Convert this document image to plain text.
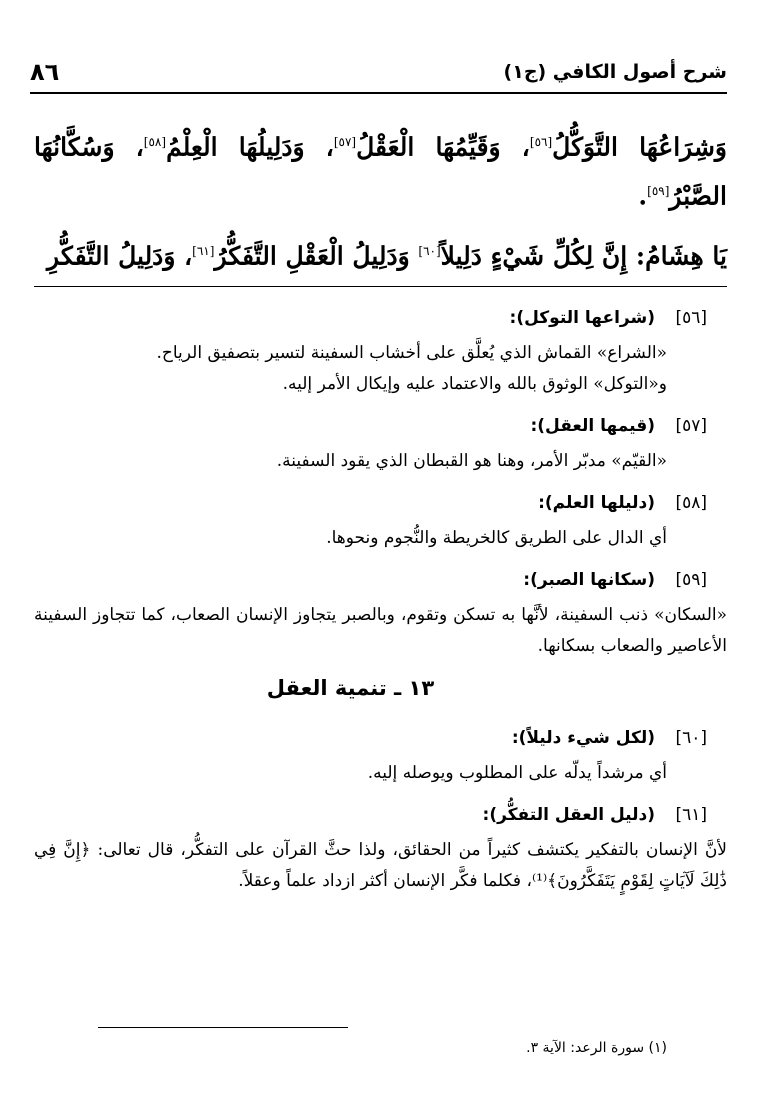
شرح أصول الكافي (ج١)
٨٦

وَشِرَاعُهَا التَّوَكُّلُ[٥٦]، وَقَيِّمُهَا الْعَقْلُ[٥٧]، وَدَلِيلُهَا الْعِلْمُ[٥٨]، وَسُكَّانُهَا الصَّبْرُ[٥٩].

يَا هِشَامُ: إِنَّ لِكُلِّ شَيْءٍ دَلِيلاً[٦٠] وَدَلِيلُ الْعَقْلِ التَّفَكُّرُ[٦١]، وَدَلِيلُ التَّفَكُّرِ

[٥٦]
(شراعها التوكل):

«الشراع» القماش الذي يُعلَّق على أخشاب السفينة لتسير بتصفيق الرياح.

و«التوكل» الوثوق بالله والاعتماد عليه وإيكال الأمر إليه.

[٥٧]
(قيمها العقل):

«القيّم» مدبّر الأمر، وهنا هو القبطان الذي يقود السفينة.

[٥٨]
(دليلها العلم):

أي الدال على الطريق كالخريطة والنُّجوم ونحوها.

[٥٩]
(سكانها الصبر):

«السكان» ذنب السفينة، لأنَّها به تسكن وتقوم، وبالصبر يتجاوز الإنسان الصعاب، كما تتجاوز السفينة الأعاصير والصعاب بسكانها.

١٣ ـ تنمية العقل
[٦٠]
(لكل شيء دليلاً):

أي مرشداً يدلّه على المطلوب ويوصله إليه.

[٦١]
(دليل العقل التفكُّر):

لأنَّ الإنسان بالتفكير يكتشف كثيراً من الحقائق، ولذا حثَّ القرآن على التفكُّر، قال تعالى: ﴿إِنَّ فِي ذَٰلِكَ لَآيَاتٍ لِقَوْمٍ يَتَفَكَّرُونَ﴾⁽¹⁾، فكلما فكَّر الإنسان أكثر ازداد علماً وعقلاً.

(١) سورة الرعد: الآية ٣.
